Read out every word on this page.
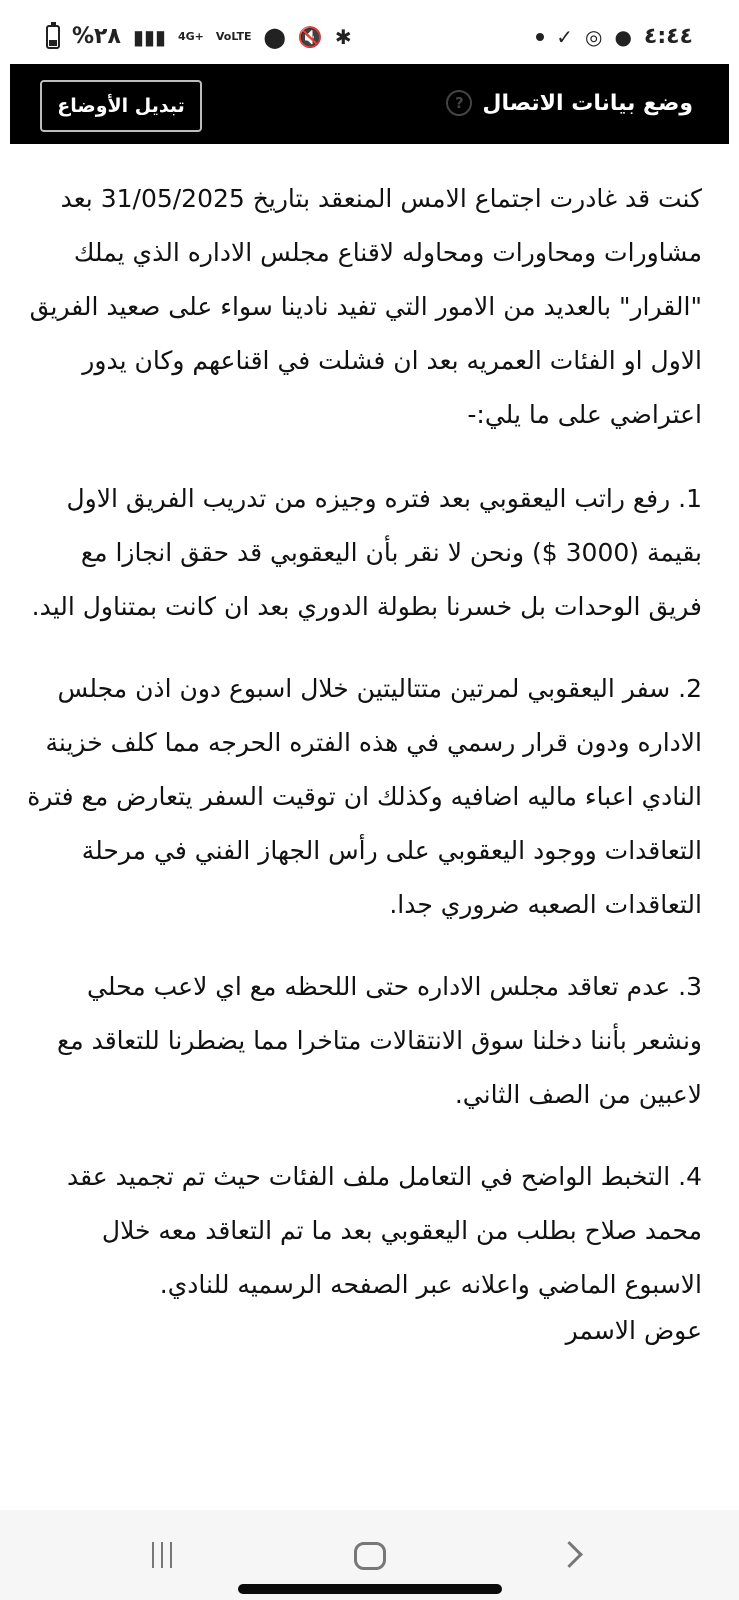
%٢٨ ▮▮▮ 4G+ VoLTE ⬤ 🔇 ✱	✓ ◎ ● ٤:٤٤
وضع بيانات الاتصال
?
تبديل الأوضاع

كنت قد غادرت اجتماع الامس المنعقد بتاريخ 31/05/2025 بعد مشاورات ومحاورات ومحاوله لاقناع مجلس الاداره الذي يملك "القرار" بالعديد من الامور التي تفيد نادينا سواء على صعيد الفريق الاول او الفئات العمريه بعد ان فشلت في اقناعهم وكان يدور اعتراضي على ما يلي:-

1. رفع راتب اليعقوبي بعد فتره وجيزه من تدريب الفريق الاول بقيمة (3000 $) ونحن لا نقر بأن اليعقوبي قد حقق انجازا مع فريق الوحدات بل خسرنا بطولة الدوري بعد ان كانت بمتناول اليد.

2. سفر اليعقوبي لمرتين متتاليتين خلال اسبوع دون اذن مجلس الاداره ودون قرار رسمي في هذه الفتره الحرجه مما كلف خزينة النادي اعباء ماليه اضافيه وكذلك ان توقيت السفر يتعارض مع فترة التعاقدات ووجود اليعقوبي على رأس الجهاز الفني في مرحلة التعاقدات الصعبه ضروري جدا.

3. عدم تعاقد مجلس الاداره حتى اللحظه مع اي لاعب محلي ونشعر بأننا دخلنا سوق الانتقالات متاخرا مما يضطرنا للتعاقد مع لاعبين من الصف الثاني.

4. التخبط الواضح في التعامل ملف الفئات حيث تم تجميد عقد محمد صلاح بطلب من اليعقوبي بعد ما تم التعاقد معه خلال الاسبوع الماضي واعلانه عبر الصفحه الرسميه للنادي.

عوض الاسمر
